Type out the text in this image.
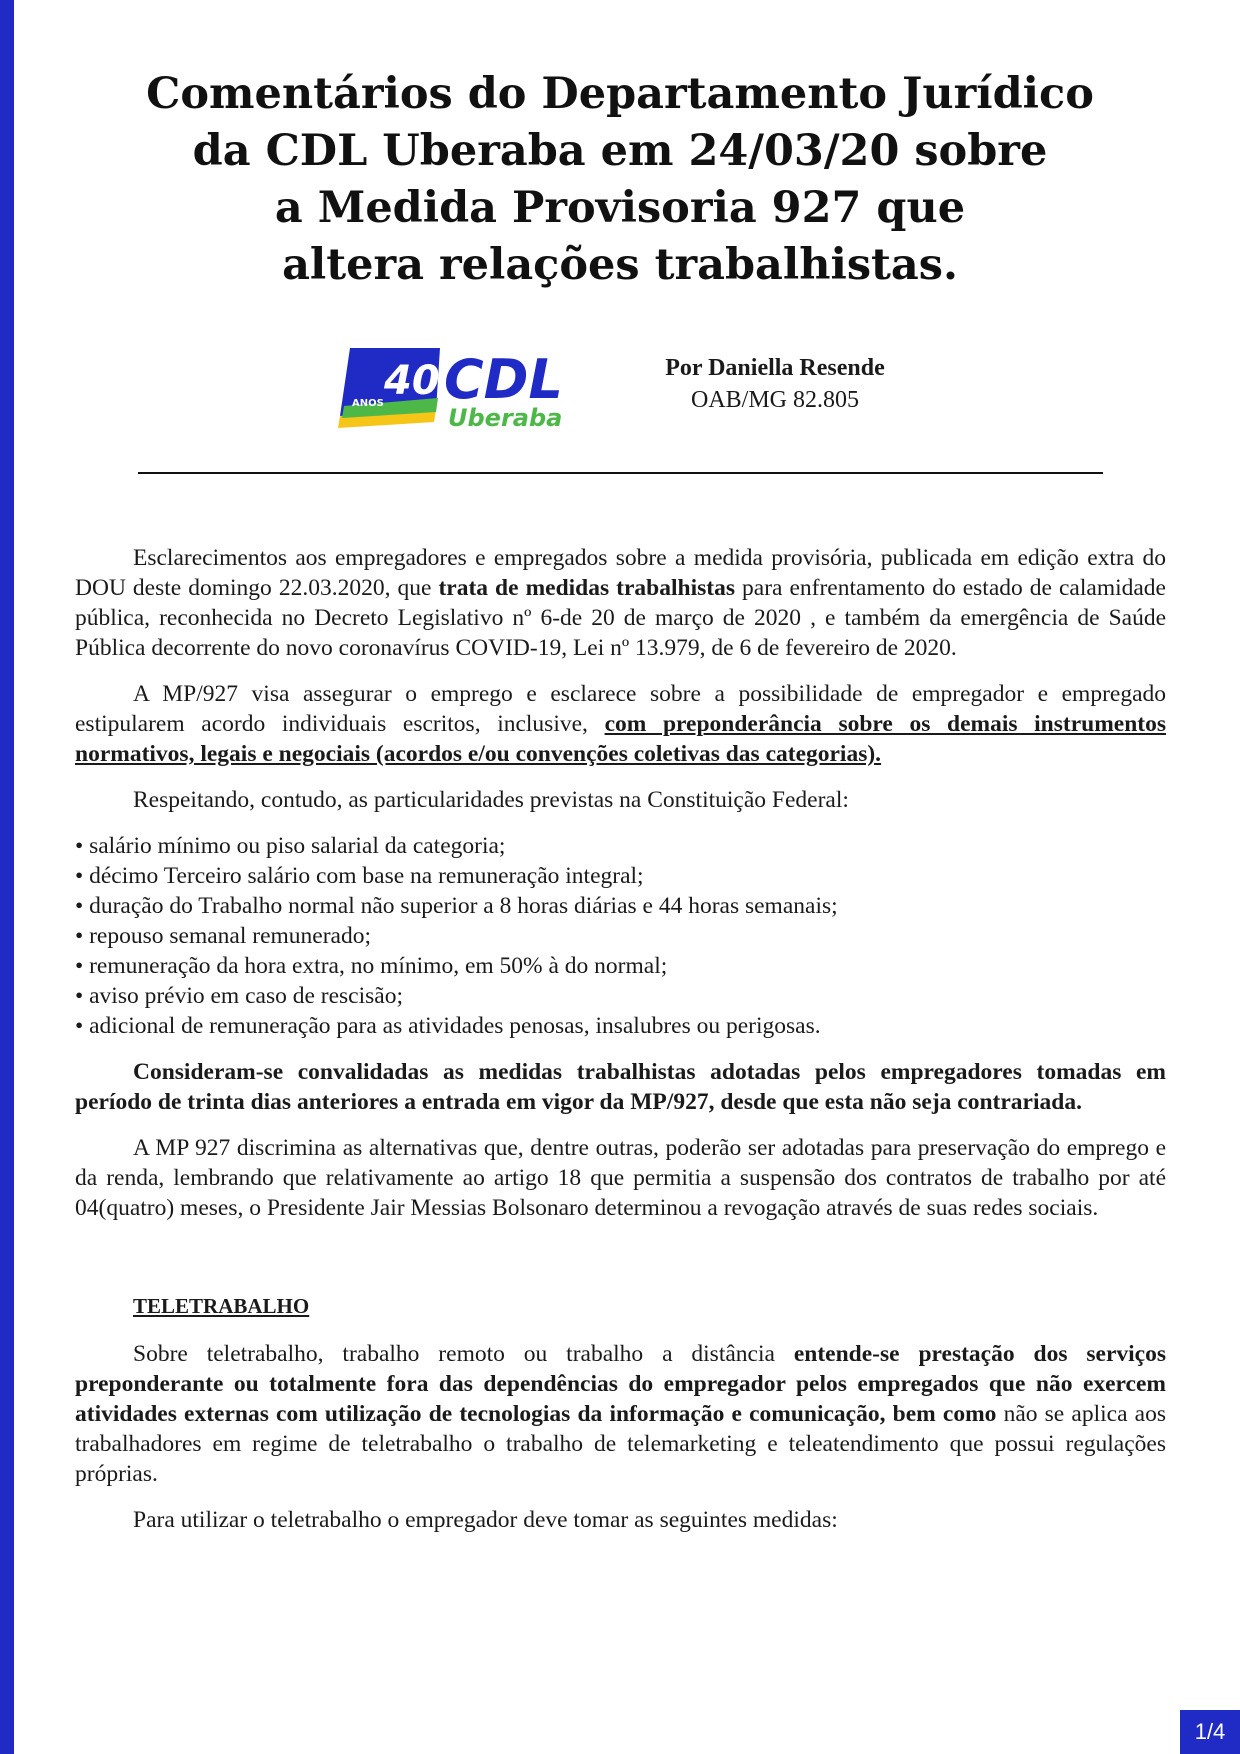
Comentários do Departamento Jurídico
da CDL Uberaba em 24/03/20 sobre
a Medida Provisoria 927 que
altera relações trabalhistas.
40
ANOS CDL
Uberaba
Por Daniella Resende
OAB/MG 82.805

Esclarecimentos aos empregadores e empregados sobre a medida provisória, publicada em edição extra do DOU deste domingo 22.03.2020, que trata de medidas trabalhistas para enfrentamento do estado de calamidade pública, reconhecida no Decreto Legislativo nº 6-de 20 de março de 2020 , e também da emergência de Saúde Pública decorrente do novo coronavírus COVID-19, Lei nº 13.979, de 6 de fevereiro de 2020.

A MP/927 visa assegurar o emprego e esclarece sobre a possibilidade de empregador e empregado estipularem acordo individuais escritos, inclusive, com preponderância sobre os demais instrumentos normativos, legais e negociais (acordos e/ou convenções coletivas das categorias).

Respeitando, contudo, as particularidades previstas na Constituição Federal:

• salário mínimo ou piso salarial da categoria;
• décimo Terceiro salário com base na remuneração integral;
• duração do Trabalho normal não superior a 8 horas diárias e 44 horas semanais;
• repouso semanal remunerado;
• remuneração da hora extra, no mínimo, em 50% à do normal;
• aviso prévio em caso de rescisão;
• adicional de remuneração para as atividades penosas, insalubres ou perigosas.

Consideram-se convalidadas as medidas trabalhistas adotadas pelos empregadores tomadas em período de trinta dias anteriores a entrada em vigor da MP/927, desde que esta não seja contrariada.

A MP 927 discrimina as alternativas que, dentre outras, poderão ser adotadas para preservação do emprego e da renda, lembrando que relativamente ao artigo 18 que permitia a suspensão dos contratos de trabalho por até 04(quatro) meses, o Presidente Jair Messias Bolsonaro determinou a revogação através de suas redes sociais.

TELETRABALHO

Sobre teletrabalho, trabalho remoto ou trabalho a distância entende-se prestação dos serviços preponderante ou totalmente fora das dependências do empregador pelos empregados que não exercem atividades externas com utilização de tecnologias da informação e comunicação, bem como não se aplica aos trabalhadores em regime de teletrabalho o trabalho de telemarketing e teleatendimento que possui regulações próprias.

Para utilizar o teletrabalho o empregador deve tomar as seguintes medidas:

1/4
